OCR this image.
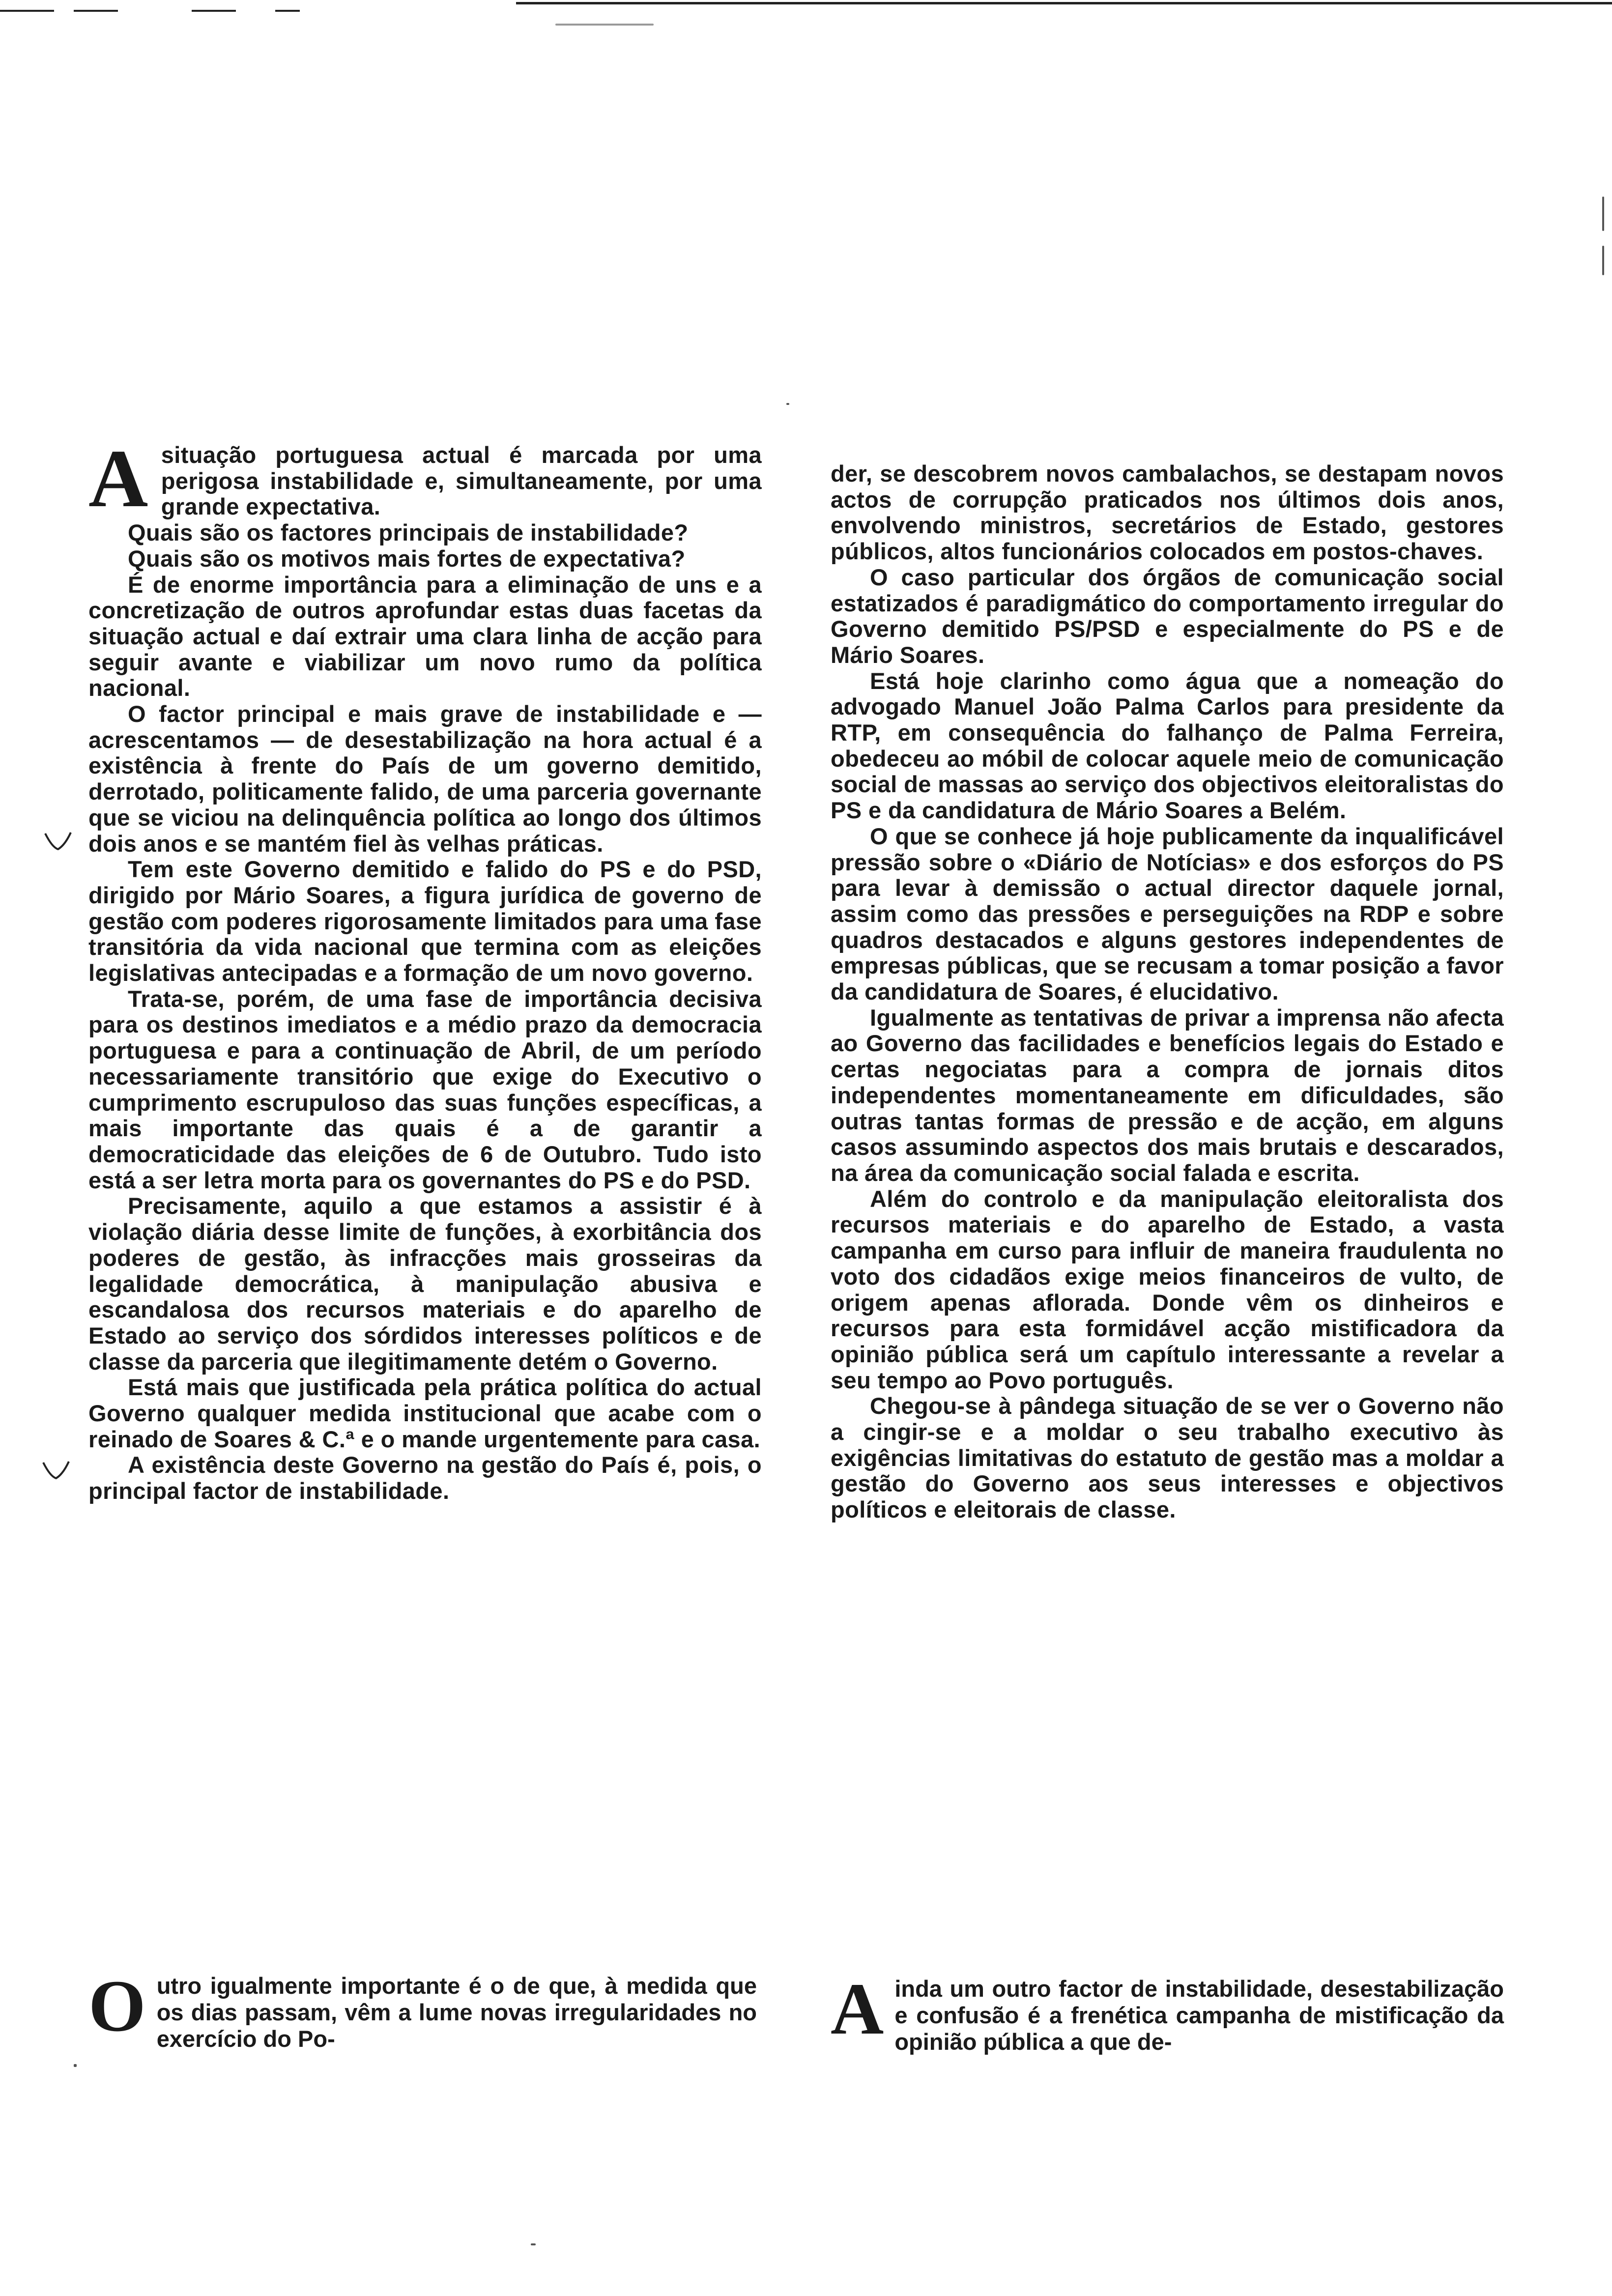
A situação portuguesa actual é marcada por uma perigosa instabilidade e, simultaneamente, por uma grande expectativa.

Quais são os factores principais de instabilidade?

Quais são os motivos mais fortes de expectativa?

É de enorme importância para a eliminação de uns e a concretização de outros aprofundar estas duas facetas da situação actual e daí extrair uma clara linha de acção para seguir avante e viabilizar um novo rumo da política nacional.

O factor principal e mais grave de instabilidade e — acrescentamos — de desestabilização na hora actual é a existência à frente do País de um governo demitido, derrotado, politicamente falido, de uma parceria governante que se viciou na delinquência política ao longo dos últimos dois anos e se mantém fiel às velhas práticas.

Tem este Governo demitido e falido do PS e do PSD, dirigido por Mário Soares, a figura jurídica de governo de gestão com poderes rigorosamente limitados para uma fase transitória da vida nacional que termina com as eleições legislativas antecipadas e a formação de um novo governo.

Trata-se, porém, de uma fase de importância decisiva para os destinos imediatos e a médio prazo da democracia portuguesa e para a continuação de Abril, de um período necessariamente transitório que exige do Executivo o cumprimento escrupuloso das suas funções específicas, a mais importante das quais é a de garantir a democraticidade das eleições de 6 de Outubro. Tudo isto está a ser letra morta para os governantes do PS e do PSD.

Precisamente, aquilo a que estamos a assistir é à violação diária desse limite de funções, à exorbitância dos poderes de gestão, às infracções mais grosseiras da legalidade democrática, à manipulação abusiva e escandalosa dos recursos materiais e do aparelho de Estado ao serviço dos sórdidos interesses políticos e de classe da parceria que ilegitimamente detém o Governo.

Está mais que justificada pela prática política do actual Governo qualquer medida institucional que acabe com o reinado de Soares & C.ª e o mande urgentemente para casa.

A existência deste Governo na gestão do País é, pois, o principal factor de instabilidade.

der, se descobrem novos cambalachos, se destapam novos actos de corrupção praticados nos últimos dois anos, envolvendo ministros, secretários de Estado, gestores públicos, altos funcionários colocados em postos-chaves.

O caso particular dos órgãos de comunicação social estatizados é paradigmático do comportamento irregular do Governo demitido PS/PSD e especialmente do PS e de Mário Soares.

Está hoje clarinho como água que a nomeação do advogado Manuel João Palma Carlos para presidente da RTP, em consequência do falhanço de Palma Ferreira, obedeceu ao móbil de colocar aquele meio de comunicação social de massas ao serviço dos objectivos eleitoralistas do PS e da candidatura de Mário Soares a Belém.

O que se conhece já hoje publicamente da inqualificável pressão sobre o «Diário de Notícias» e dos esforços do PS para levar à demissão o actual director daquele jornal, assim como das pressões e perseguições na RDP e sobre quadros destacados e alguns gestores independentes de empresas públicas, que se recusam a tomar posição a favor da candidatura de Soares, é elucidativo.

Igualmente as tentativas de privar a imprensa não afecta ao Governo das facilidades e benefícios legais do Estado e certas negociatas para a compra de jornais ditos independentes momentaneamente em dificuldades, são outras tantas formas de pressão e de acção, em alguns casos assumindo aspectos dos mais brutais e descarados, na área da comunicação social falada e escrita.

Além do controlo e da manipulação eleitoralista dos recursos materiais e do aparelho de Estado, a vasta campanha em curso para influir de maneira fraudulenta no voto dos cidadãos exige meios financeiros de vulto, de origem apenas aflorada. Donde vêm os dinheiros e recursos para esta formidável acção mistificadora da opinião pública será um capítulo interessante a revelar a seu tempo ao Povo português.

Chegou-se à pândega situação de se ver o Governo não a cingir-se e a moldar o seu trabalho executivo às exigências limitativas do estatuto de gestão mas a moldar a gestão do Governo aos seus interesses e objectivos políticos e eleitorais de classe.

O utro igualmente importante é o de que, à medida que os dias passam, vêm a lume novas irregularidades no exercício do Po-	A inda um outro factor de instabilidade, desestabilização e confusão é a frenética campanha de mistificação da opinião pública a que de-
